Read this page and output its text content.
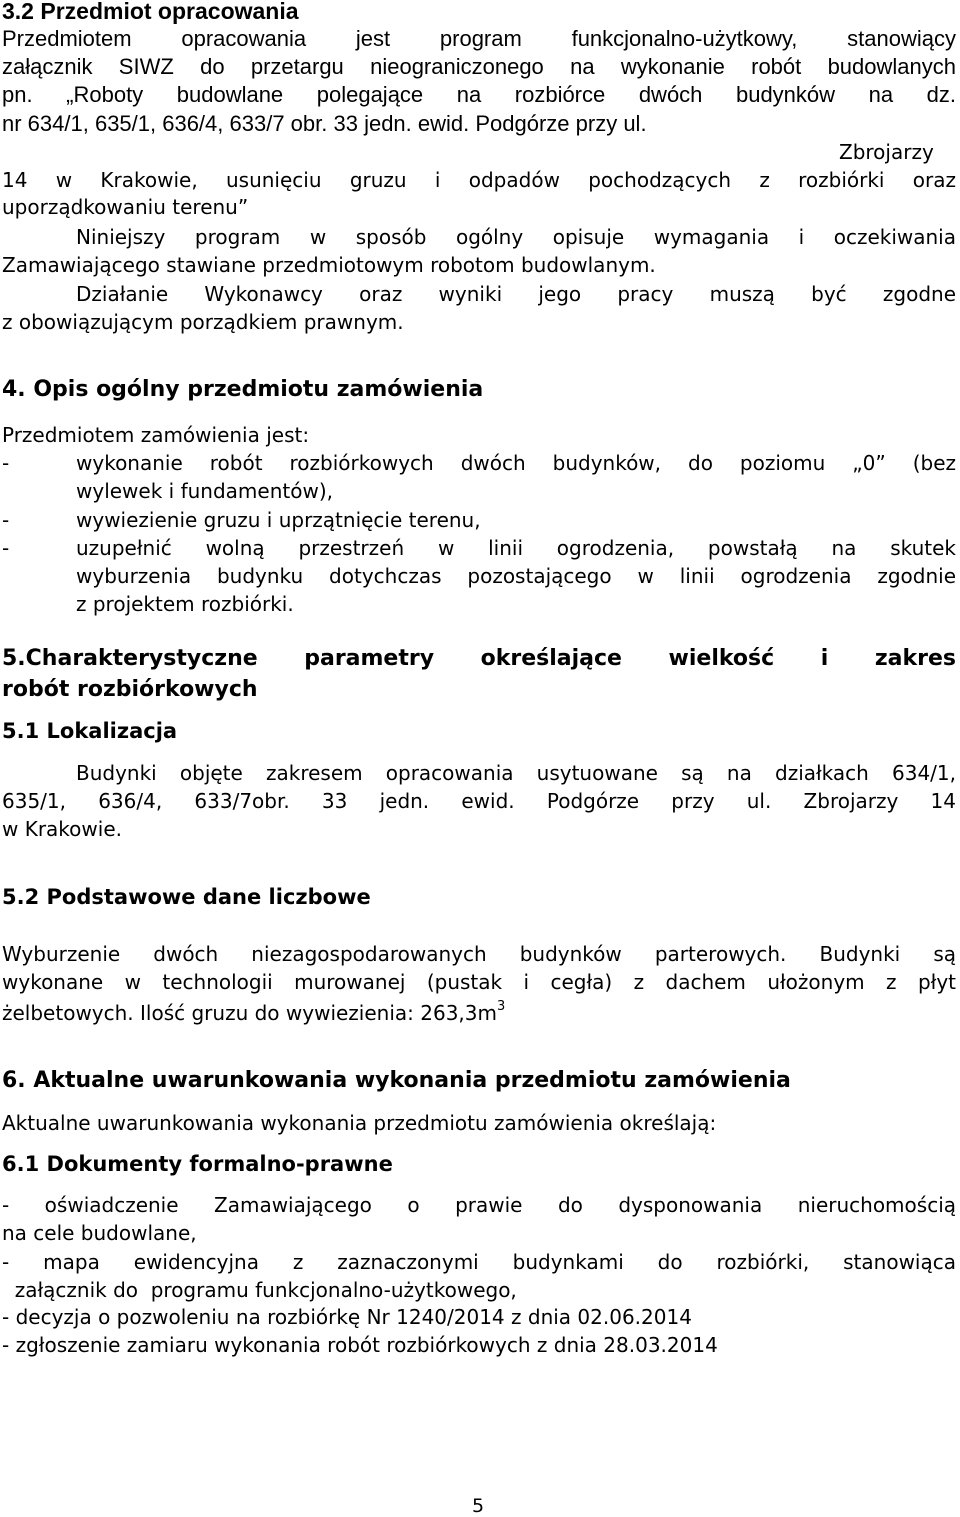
3.2 Przedmiot opracowania
Przedmiotem opracowania jest program funkcjonalno-użytkowy, stanowiący
załącznik SIWZ do przetargu nieograniczonego na wykonanie robót budowlanych
pn. „Roboty budowlane polegające na rozbiórce dwóch budynków na dz.
nr 634/1, 635/1, 636/4, 633/7 obr. 33 jedn. ewid. Podgórze przy ul.
Zbrojarzy
14 w Krakowie, usunięciu gruzu i odpadów pochodzących z rozbiórki oraz
uporządkowaniu terenu”
Niniejszy program w sposób ogólny opisuje wymagania i oczekiwania
Zamawiającego stawiane przedmiotowym robotom budowlanym.
Działanie Wykonawcy oraz wyniki jego pracy muszą być zgodne
z obowiązującym porządkiem prawnym.
4. Opis ogólny przedmiotu zamówienia
Przedmiotem zamówienia jest:
-	wykonanie robót rozbiórkowych dwóch budynków, do poziomu „0” (bez
wylewek i fundamentów),
-	wywiezienie gruzu i uprzątnięcie terenu,
-	uzupełnić wolną przestrzeń w linii ogrodzenia, powstałą na skutek
wyburzenia budynku dotychczas pozostającego w linii ogrodzenia zgodnie
z projektem rozbiórki.
5.Charakterystyczne parametry określające wielkość i zakres
robót rozbiórkowych
5.1 Lokalizacja
Budynki objęte zakresem opracowania usytuowane są na działkach 634/1,
635/1, 636/4, 633/7obr. 33 jedn. ewid. Podgórze przy ul. Zbrojarzy 14
w Krakowie.
5.2 Podstawowe dane liczbowe
Wyburzenie dwóch niezagospodarowanych budynków parterowych. Budynki są
wykonane w technologii murowanej (pustak i cegła) z dachem ułożonym z płyt
żelbetowych. Ilość gruzu do wywiezienia: $263,3m^3$
6. Aktualne uwarunkowania wykonania przedmiotu zamówienia
Aktualne uwarunkowania wykonania przedmiotu zamówienia określają:
6.1 Dokumenty formalno-prawne
- oświadczenie Zamawiającego o prawie do dysponowania nieruchomością
na cele budowlane,
- mapa ewidencyjna z zaznaczonymi budynkami do rozbiórki, stanowiąca
załącznik do  programu funkcjonalno-użytkowego,
- decyzja o pozwoleniu na rozbiórkę Nr 1240/2014 z dnia 02.06.2014
- zgłoszenie zamiaru wykonania robót rozbiórkowych z dnia 28.03.2014
5
